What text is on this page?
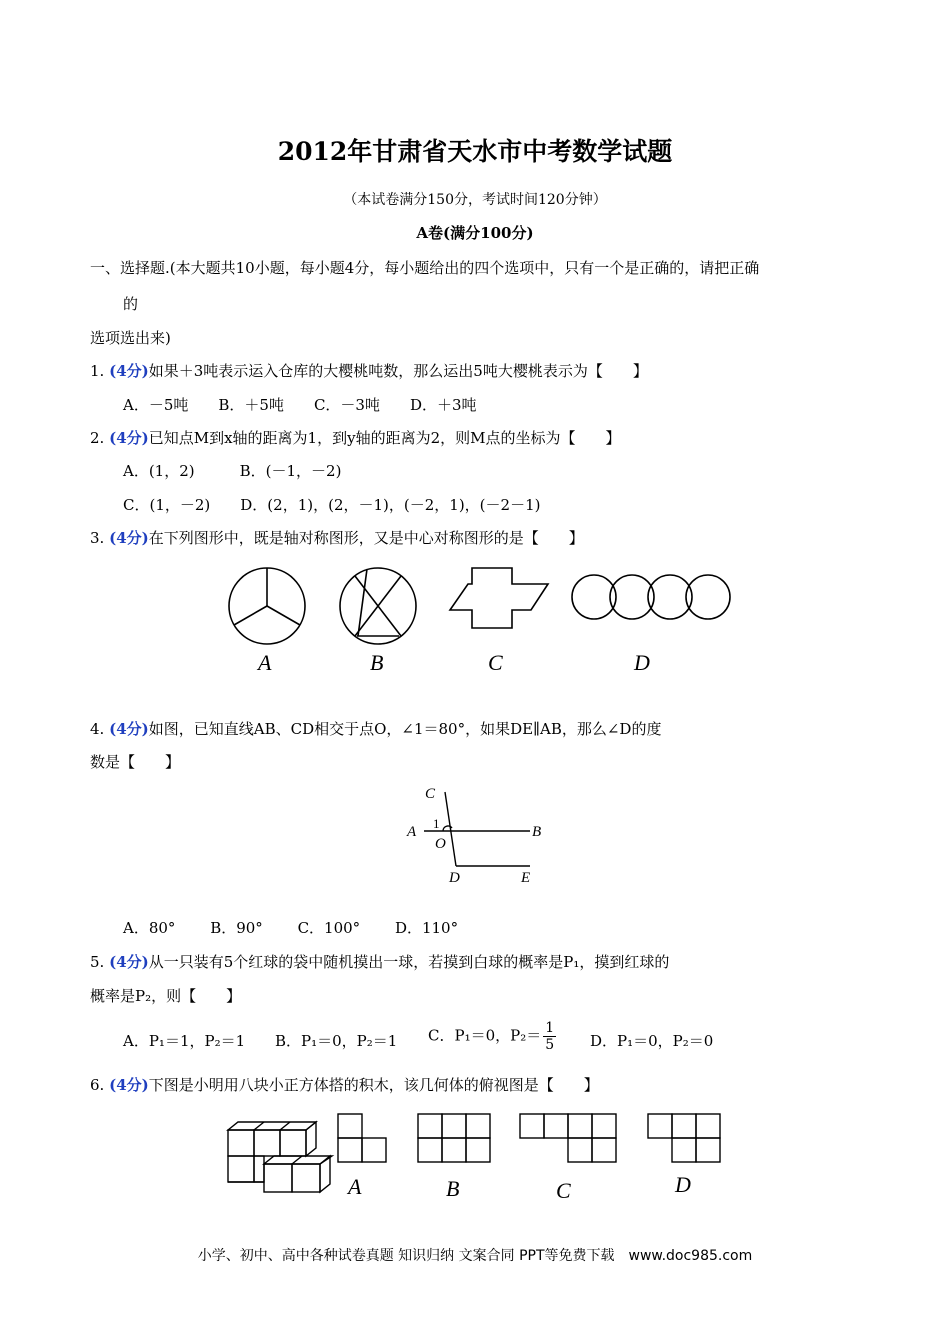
2012年甘肃省天水市中考数学试题
（本试卷满分150分，考试时间120分钟）
A卷(满分100分)
一、选择题.(本大题共10小题，每小题4分，每小题给出的四个选项中，只有一个是正确的，请把正确
的
选项选出来)
1. (4分)如果＋3吨表示运入仓库的大樱桃吨数，那么运出5吨大樱桃表示为【　　】
A．－5吨　　B．＋5吨　　C．－3吨　　D．＋3吨
2. (4分)已知点M到x轴的距离为1，到y轴的距离为2，则M点的坐标为【　　】
A．(1，2)　　　B．(－1，－2)
C．(1，－2)　　D．(2，1)，(2，－1)，(－2，1)，(－2－1)
3. (4分)在下列图形中，既是轴对称图形，又是中心对称图形的是【　　】
A	B	C	D
4. (4分)如图，已知直线AB、CD相交于点O，∠1＝80°，如果DE∥AB，那么∠D的度
数是【　　】
C
1
A
O
B
D	E
A．80°　　 B．90°　　 C．100°　　 D．110°
5. (4分)从一只装有5个红球的袋中随机摸出一球，若摸到白球的概率是P₁，摸到红球的
概率是P₂，则【　　】
A．P₁＝1，P₂＝1 B．P₁＝0，P₂＝1 C．P₁＝0，$P_2= \frac{1}{5}$ D．P₁＝0，P₂＝0
6. (4分)下图是小明用八块小正方体搭的积木，该几何体的俯视图是【　　】
A	B	C	D
小学、初中、高中各种试卷真题 知识归纳 文案合同 PPT等免费下载　www.doc985.com
